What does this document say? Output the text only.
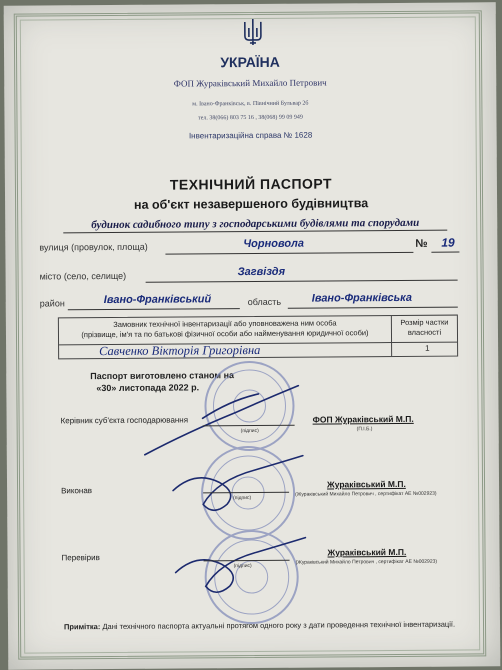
УКРАЇНА
ФОП Жураківський Михайло Петрович
м. Івано-Франківськ, в. Північний Бульвар 2б
тел. 38(066) 803 75 16 , 38(068) 99 09 949
Інвентаризаційна справа № 1628
ТЕХНІЧНИЙ ПАСПОРТ
на об'єкт незавершеного будівництва
будинок садибного типу з господарськими будівлями та спорудами
вулиця (провулок, площа)	Чорновола	№ 19
місто (село, селище)	Загвіздя
район	Івано-Франківський	область	Івано-Франківська
Замовник технічної інвентаризації або уповноважена ним особа
(прізвище, ім'я та по батькові фізичної особи або найменування юридичної особи)
Розмір частки
власності
Савченко Вікторія Григорівна	1
Паспорт виготовлено станом на
«30» листопада 2022 р.
Керівник суб'єкта господарювання
(підпис)
ФОП Жураківський М.П.
(П.І.Б.)
Виконав
(підпис)
Жураківський М.П.
(Жураківський Михайло Петрович , сертифікат АЕ №002923)
Перевірив
(підпис)
Жураківський М.П.
(Жураківський Михайло Петрович , сертифікат АЕ №002923)
Примітка: Дані технічного паспорта актуальні протягом одного року з дати проведення технічної інвентаризації.
